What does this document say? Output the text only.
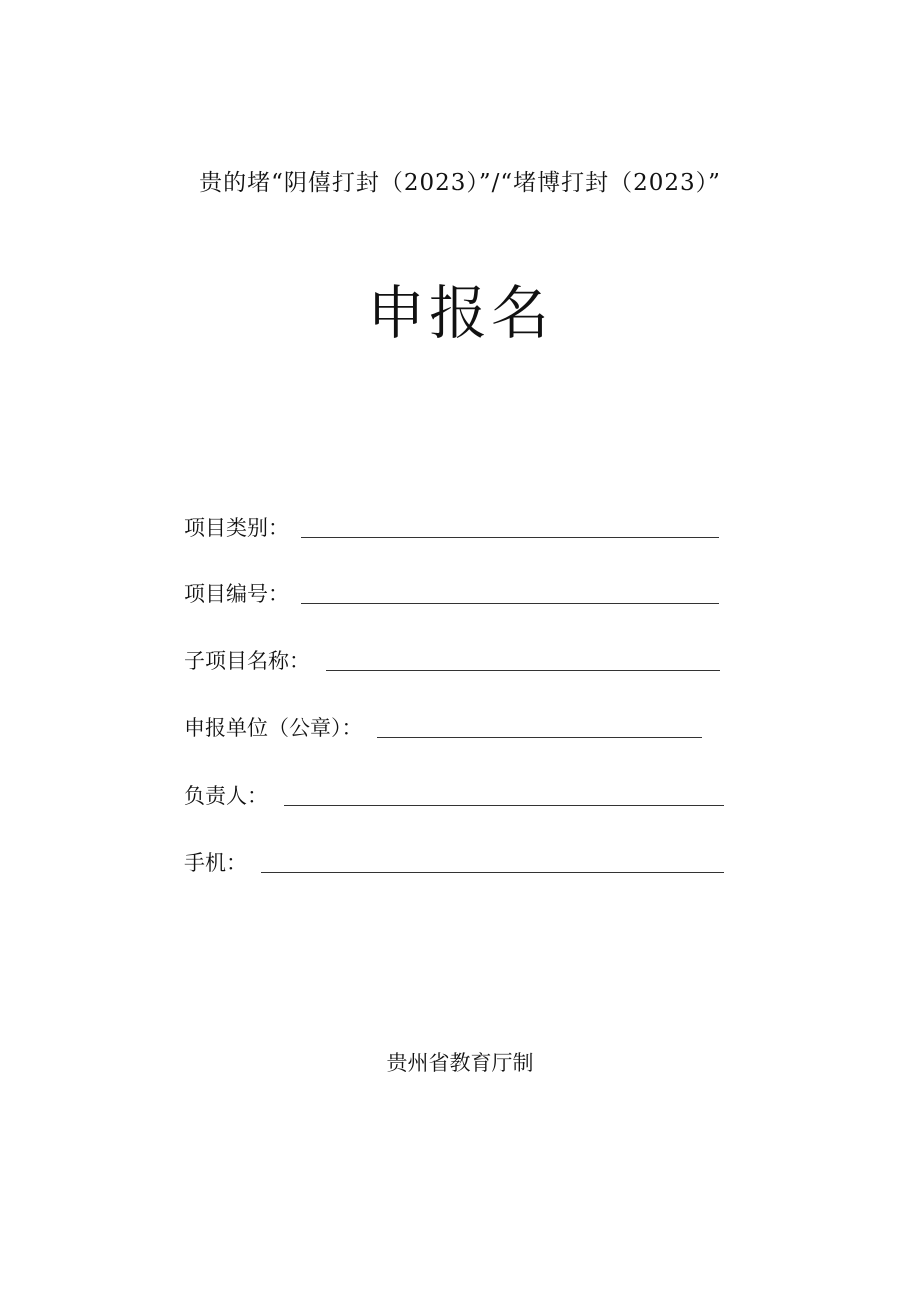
贵的堵“阴僖打封（2023）”/“堵博打封（2023）”
申报名
项目类别：
项目编号：
子项目名称：
申报单位（公章）：
负责人：
手机：
贵州省教育厅制
